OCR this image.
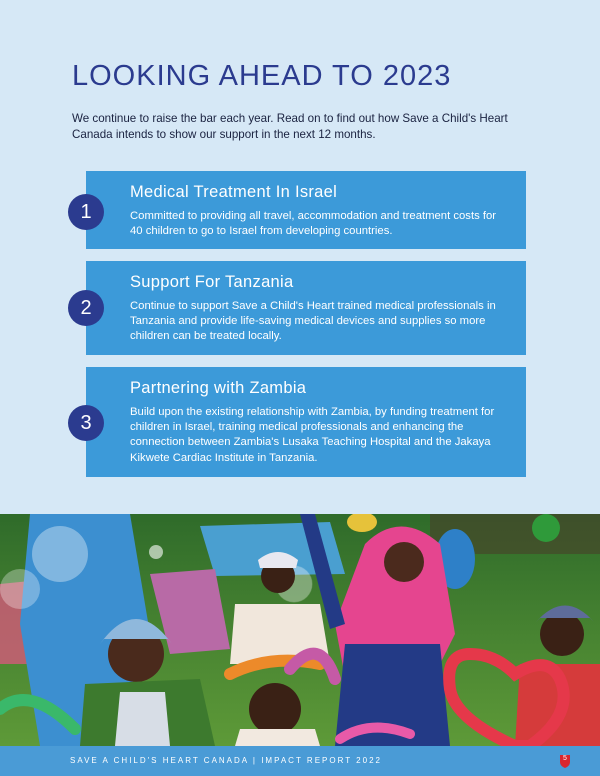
LOOKING AHEAD TO 2023
We continue to raise the bar each year. Read on to find out how Save a Child's Heart Canada intends to show our support in the next 12 months.
Medical Treatment In Israel

Committed to providing all travel, accommodation and treatment costs for 40 children to go to Israel from developing countries.

1
Support For Tanzania

Continue to support Save a Child's Heart trained medical professionals in Tanzania and provide life-saving medical devices and supplies so more children can be treated locally.

2
Partnering with Zambia

Build upon the existing relationship with Zambia, by funding treatment for children in Israel, training medical professionals and enhancing the connection between Zambia's Lusaka Teaching Hospital and the Jakaya Kikwete Cardiac Institute in Tanzania.

3
SAVE A CHILD'S HEART CANADA | IMPACT REPORT 2022	5
